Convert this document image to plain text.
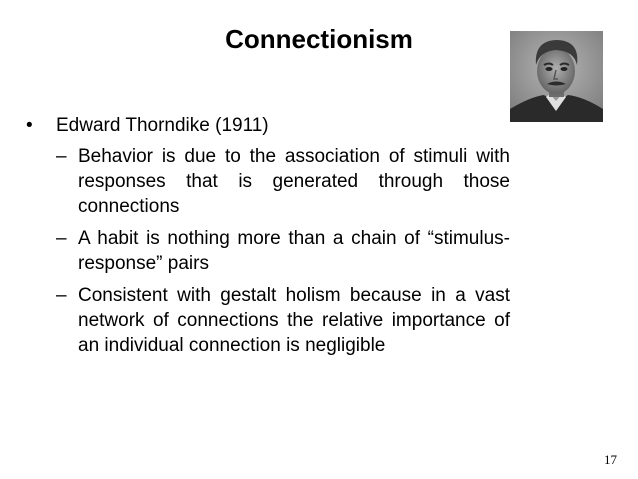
Connectionism
• Edward Thorndike (1911)
– Behavior is due to the association of stimuli with responses that is generated through those connections
– A habit is nothing more than a chain of “stimulus-response” pairs
– Consistent with gestalt holism because in a vast network of connections the relative importance of an individual connection is negligible
17
